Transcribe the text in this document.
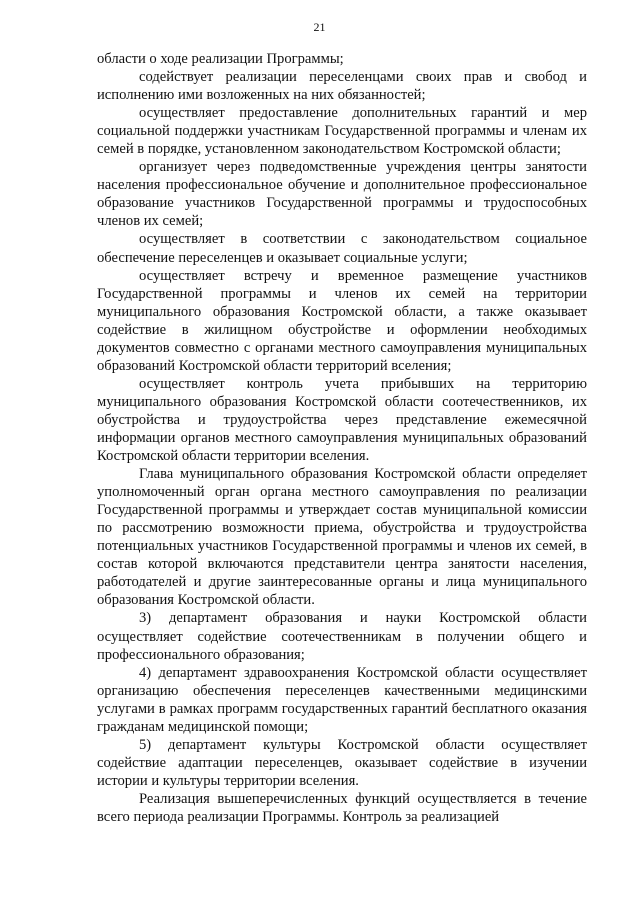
21

области о ходе реализации Программы;

содействует реализации переселенцами своих прав и свобод и исполнению ими возложенных на них обязанностей;

осуществляет предоставление дополнительных гарантий и мер социальной поддержки участникам Государственной программы и членам их семей в порядке, установленном законодательством Костромской области;

организует через подведомственные учреждения центры занятости населения профессиональное обучение и дополнительное профессиональное образование участников Государственной программы и трудоспособных членов их семей;

осуществляет в соответствии с законодательством социальное обеспечение переселенцев и оказывает социальные услуги;

осуществляет встречу и временное размещение участников Государственной программы и членов их семей на территории муниципального образования Костромской области, а также оказывает содействие в жилищном обустройстве и оформлении необходимых документов совместно с органами местного самоуправления муниципальных образований Костромской области территорий вселения;

осуществляет контроль учета прибывших на территорию муниципального образования Костромской области соотечественников, их обустройства и трудоустройства через представление ежемесячной информации органов местного самоуправления муниципальных образований Костромской области территории вселения.

Глава муниципального образования Костромской области определяет уполномоченный орган органа местного самоуправления по реализации Государственной программы и утверждает состав муниципальной комиссии по рассмотрению возможности приема, обустройства и трудоустройства потенциальных участников Государственной программы и членов их семей, в состав которой включаются представители центра занятости населения, работодателей и другие заинтересованные органы и лица муниципального образования Костромской области.

3) департамент образования и науки Костромской области осуществляет содействие соотечественникам в получении общего и профессионального образования;

4) департамент здравоохранения Костромской области осуществляет организацию обеспечения переселенцев качественными медицинскими услугами в рамках программ государственных гарантий бесплатного оказания гражданам медицинской помощи;

5) департамент культуры Костромской области осуществляет содействие адаптации переселенцев, оказывает содействие в изучении истории и культуры территории вселения.

Реализация вышеперечисленных функций осуществляется в течение всего периода реализации Программы. Контроль за реализацией
